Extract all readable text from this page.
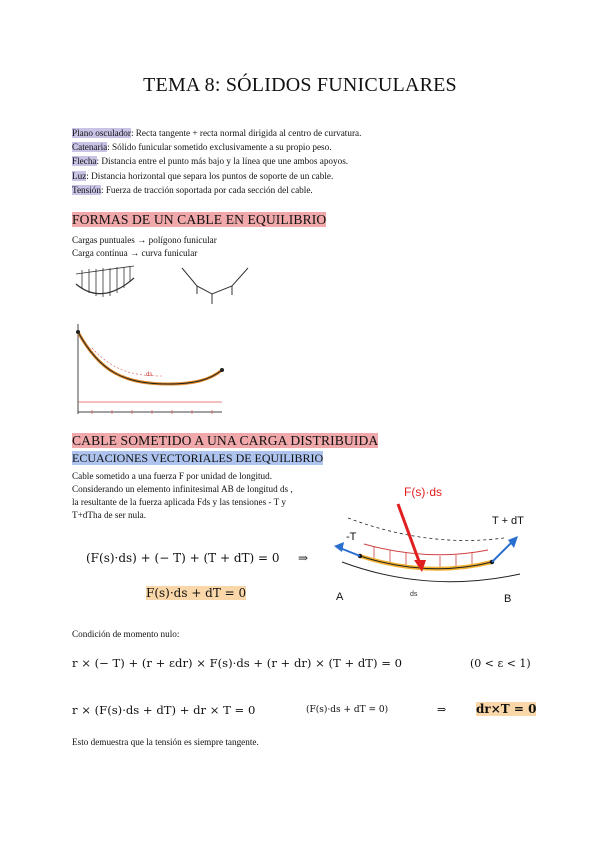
TEMA 8: SÓLIDOS FUNICULARES
Plano osculador: Recta tangente + recta normal dirigida al centro de curvatura.
Catenaria: Sólido funicular sometido exclusivamente a su propio peso.
Flecha: Distancia entre el punto más bajo y la línea que une ambos apoyos.
Luz: Distancia horizontal que separa los puntos de soporte de un cable.
Tensión: Fuerza de tracción soportada por cada sección del cable.
FORMAS DE UN CABLE EN EQUILIBRIO
Cargas puntuales → polígono funicular
Carga contínua → curva funicular
ds
CABLE SOMETIDO A UNA CARGA DISTRIBUIDA
ECUACIONES VECTORIALES DE EQUILIBRIO
Cable sometido a una fuerza F por unidad de longitud.
Considerando un elemento infinitesimal AB de longitud ds ,
la resultante de la fuerza aplicada Fds y las tensiones - T y
T+dTha de ser nula.
(F(s)·ds) + (− T) + (T + dT) = 0 ⇒
F(s)·ds + dT = 0
F(s)·ds
-T
T + dT
A	B
ds
Condición de momento nulo:
r × (− T) + (r + εdr) × F(s)·ds + (r + dr) × (T + dT) = 0	(0 < ε < 1)
r × (F(s)·ds + dT) + dr × T = 0	(F(s)·ds + dT = 0)	⇒ dr×T = 0
Esto demuestra que la tensión es siempre tangente.
